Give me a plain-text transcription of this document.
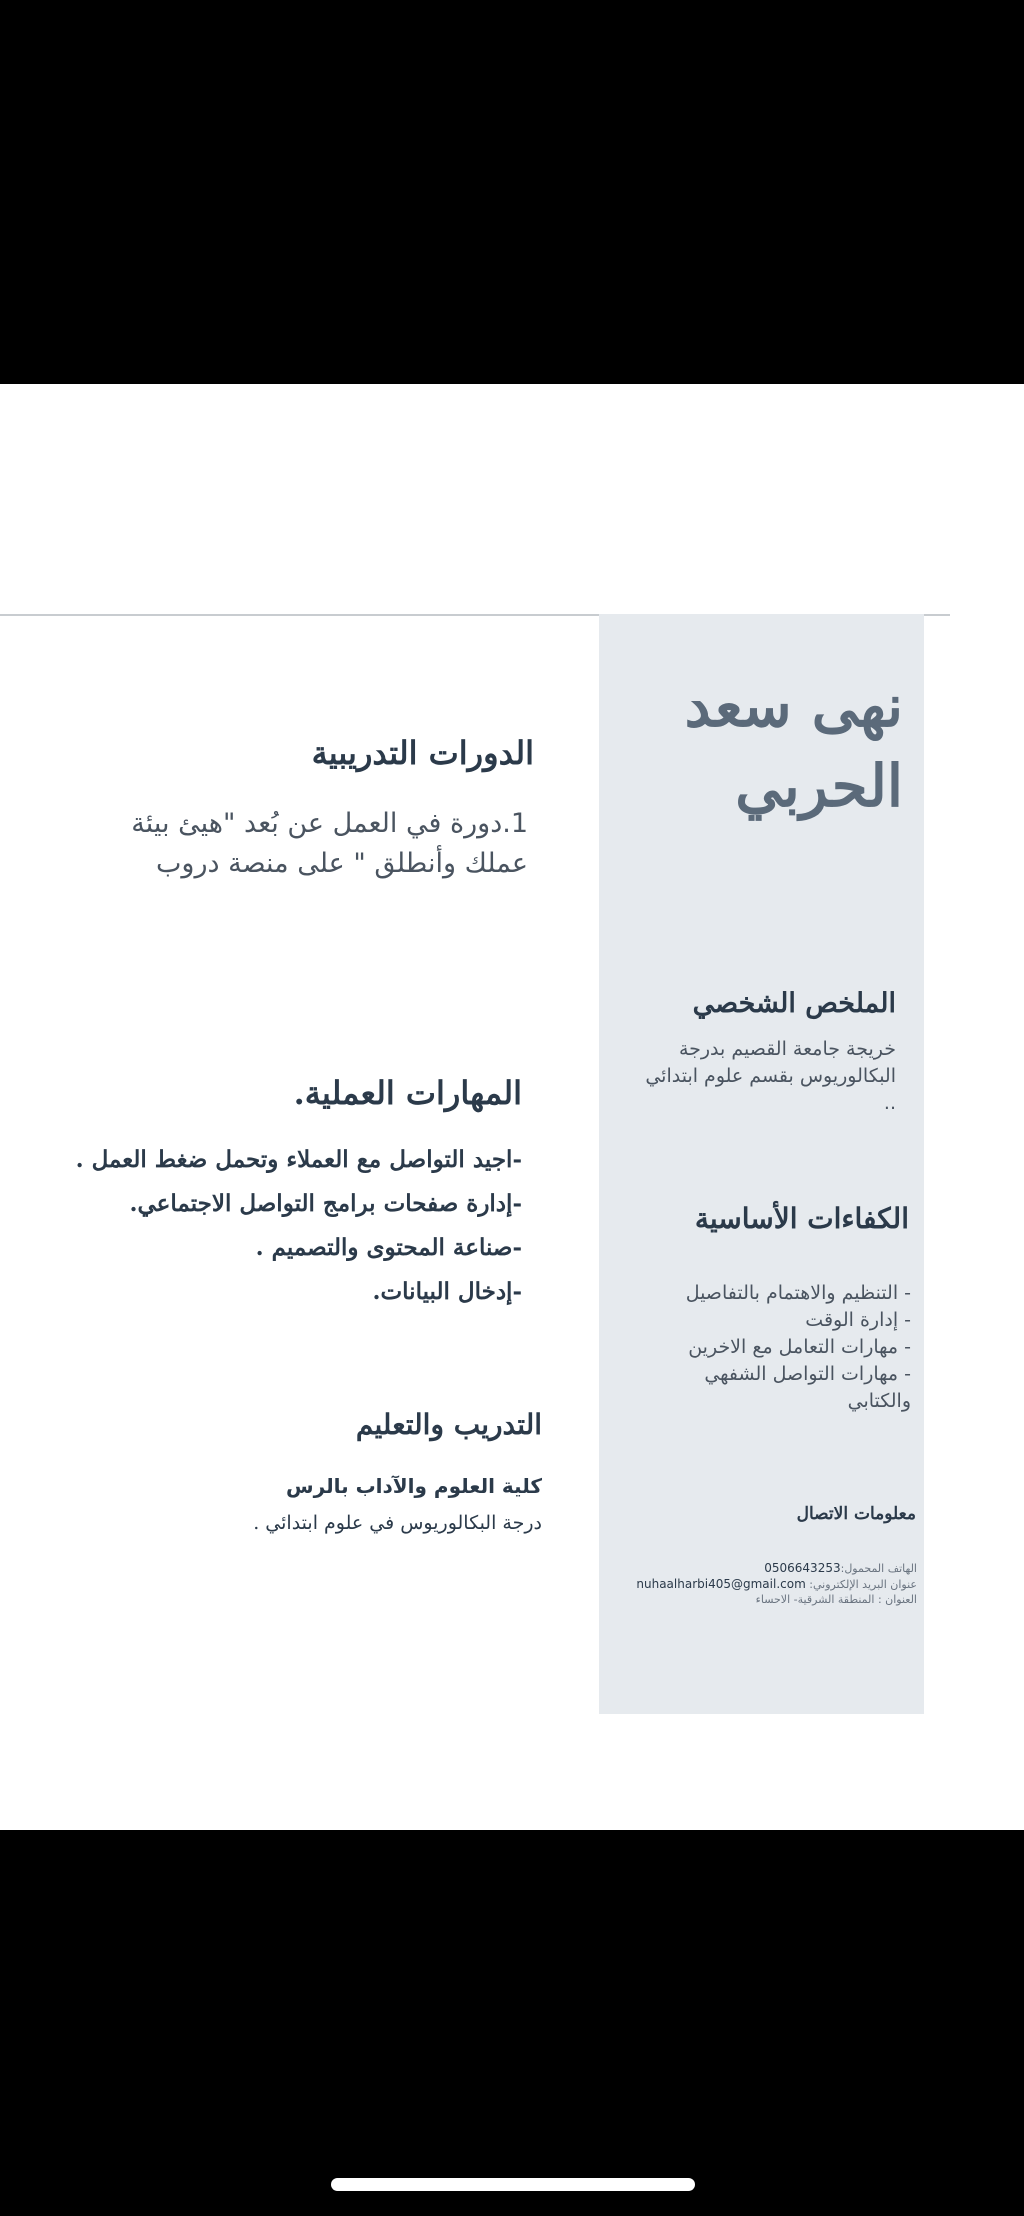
نهى سعد الحربي
الملخص الشخصي

خريجة جامعة القصيم بدرجة البكالوريوس بقسم علوم ابتدائي ..

الكفاءات الأساسية
- التنظيم والاهتمام بالتفاصيل
- إدارة الوقت
- مهارات التعامل مع الاخرين
- مهارات التواصل الشفهي والكتابي
معلومات الاتصال
الهاتف المحمول:0506643253
عنوان البريد الإلكتروني: nuhaalharbi405@gmail.com
العنوان : المنطقة الشرقية- الاحساء
الدورات التدريبية

1.دورة في العمل عن بُعد "هيئ بيئة عملك وأنطلق " على منصة دروب

المهارات العملية.
-اجيد التواصل مع العملاء وتحمل ضغط العمل .
-إدارة صفحات برامج التواصل الاجتماعي.
-صناعة المحتوى والتصميم .
-إدخال البيانات.
التدريب والتعليم
كلية العلوم والآداب بالرس
درجة البكالوريوس في علوم ابتدائي .
